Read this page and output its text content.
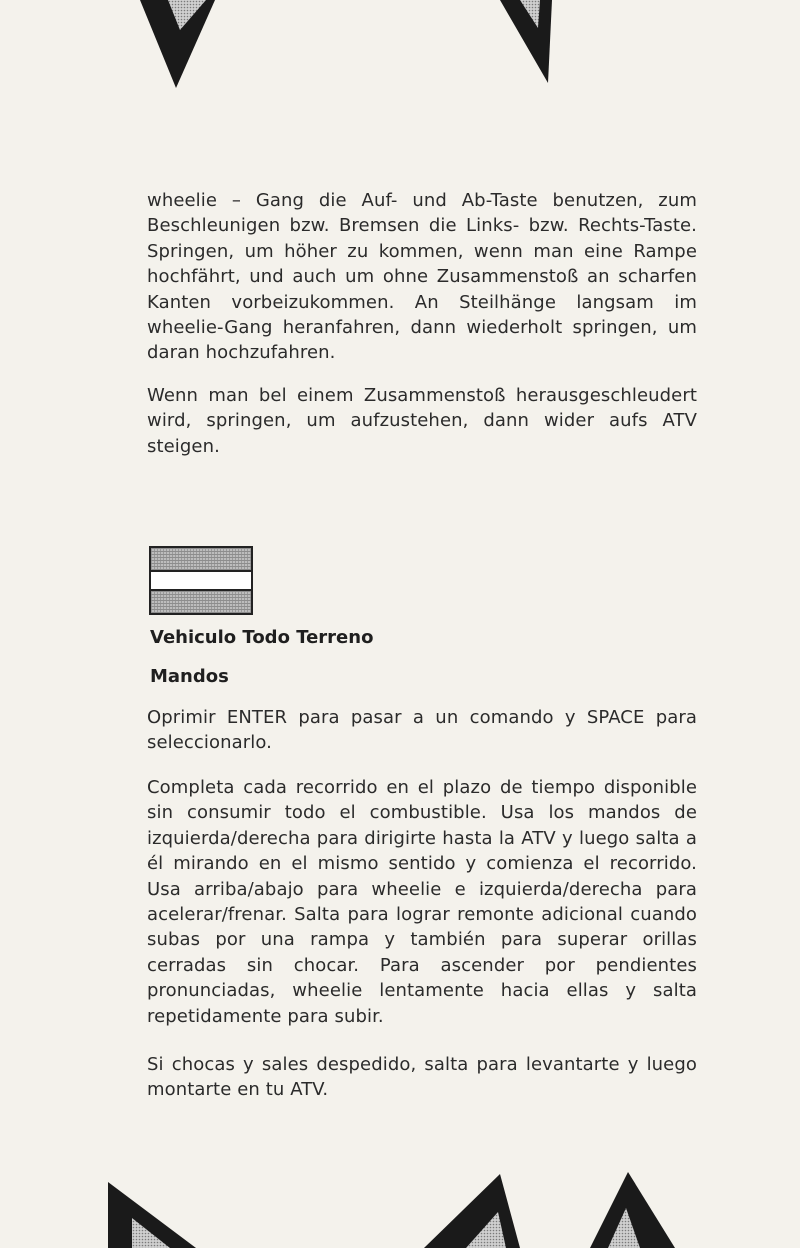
wheelie – Gang die Auf- und Ab-Taste benutzen, zum Beschleunigen bzw. Bremsen die Links- bzw. Rechts-Taste. Springen, um höher zu kommen, wenn man eine Rampe hochfährt, und auch um ohne Zusammenstoß an scharfen Kanten vorbeizukommen. An Steilhänge langsam im wheelie-Gang heranfahren, dann wiederholt springen, um daran hochzufahren.

Wenn man bel einem Zusammenstoß herausgeschleudert wird, springen, um aufzustehen, dann wider aufs ATV steigen.

Vehiculo Todo Terreno
Mandos

Oprimir ENTER para pasar a un comando y SPACE para seleccionarlo.

Completa cada recorrido en el plazo de tiempo disponible sin consumir todo el combustible. Usa los mandos de izquierda/derecha para dirigirte hasta la ATV y luego salta a él mirando en el mismo sentido y comienza el recorrido. Usa arriba/abajo para wheelie e izquierda/derecha para acelerar/frenar. Salta para lograr remonte adicional cuando subas por una rampa y también para superar orillas cerradas sin chocar. Para ascender por pendientes pronunciadas, wheelie lentamente hacia ellas y salta repetidamente para subir.

Si chocas y sales despedido, salta para levantarte y luego montarte en tu ATV.
